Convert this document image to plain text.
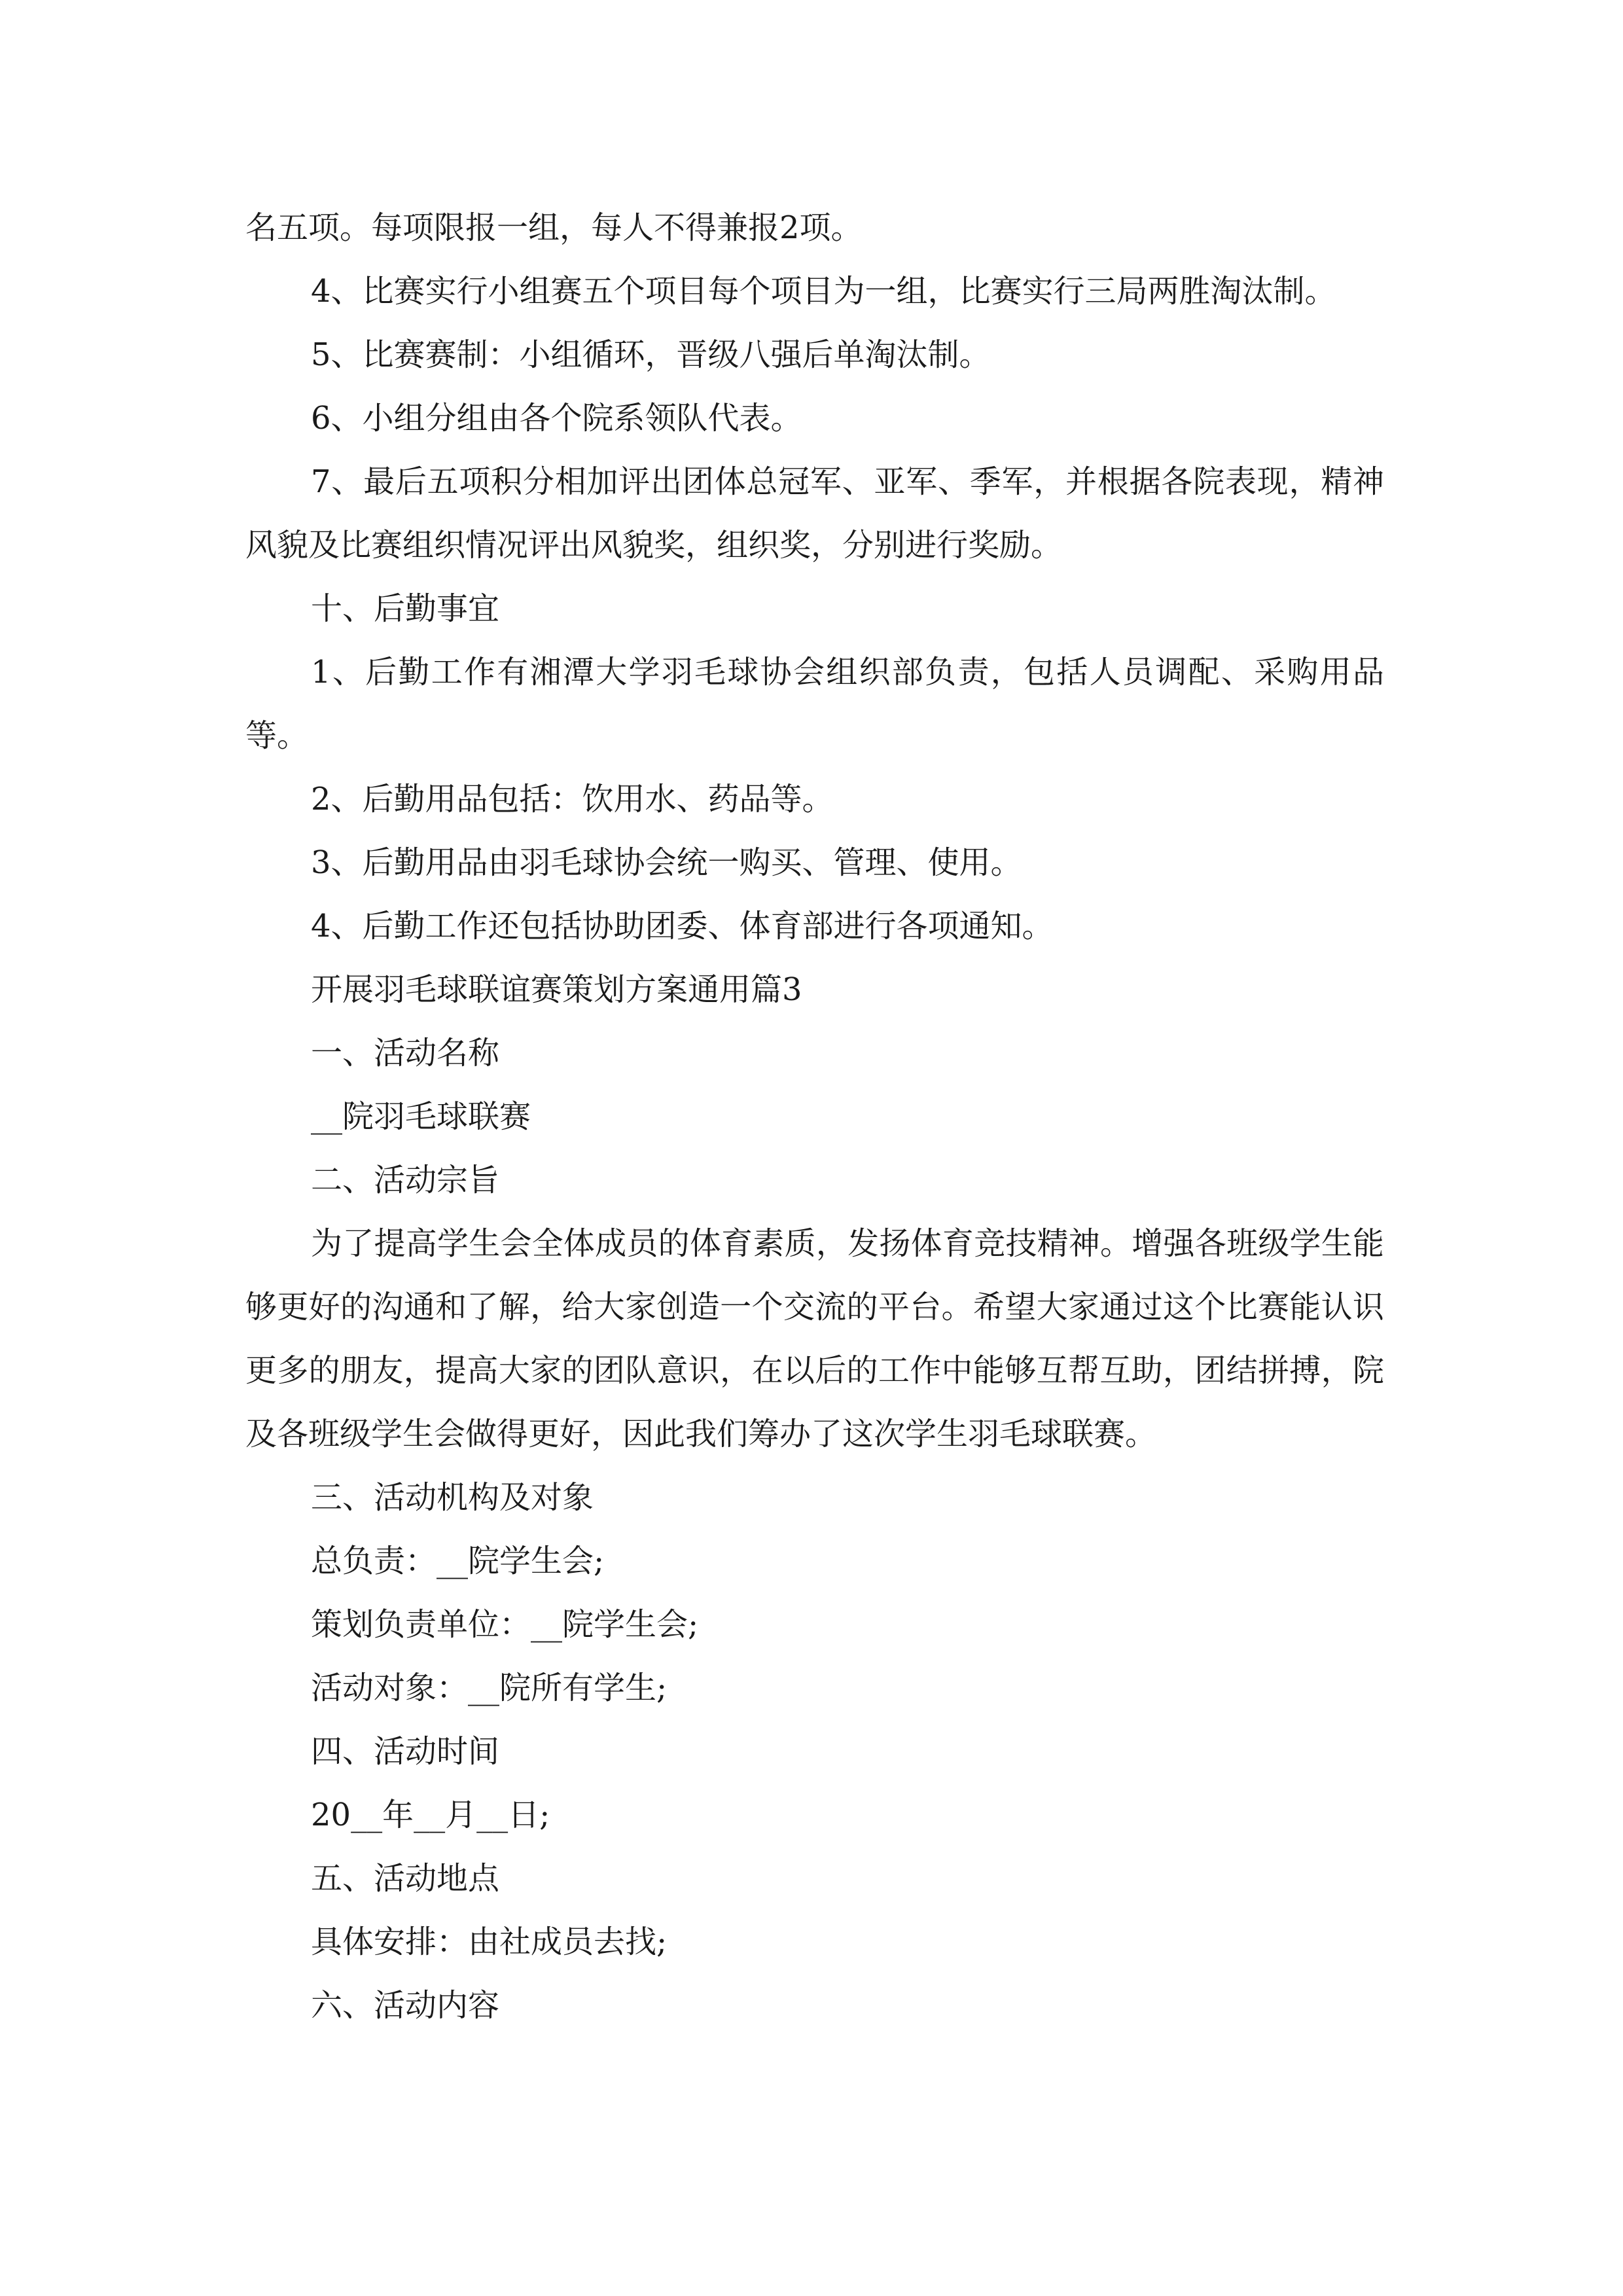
名五项。每项限报一组，每人不得兼报2项。

4、比赛实行小组赛五个项目每个项目为一组，比赛实行三局两胜淘汰制。

5、比赛赛制：小组循环，晋级八强后单淘汰制。

6、小组分组由各个院系领队代表。

7、最后五项积分相加评出团体总冠军、亚军、季军，并根据各院表现，精神风貌及比赛组织情况评出风貌奖，组织奖，分别进行奖励。

十、后勤事宜

1、后勤工作有湘潭大学羽毛球协会组织部负责，包括人员调配、采购用品等。

2、后勤用品包括：饮用水、药品等。

3、后勤用品由羽毛球协会统一购买、管理、使用。

4、后勤工作还包括协助团委、体育部进行各项通知。

开展羽毛球联谊赛策划方案通用篇3

一、活动名称

__院羽毛球联赛

二、活动宗旨

为了提高学生会全体成员的体育素质，发扬体育竞技精神。增强各班级学生能够更好的沟通和了解，给大家创造一个交流的平台。希望大家通过这个比赛能认识更多的朋友，提高大家的团队意识，在以后的工作中能够互帮互助，团结拼搏，院及各班级学生会做得更好，因此我们筹办了这次学生羽毛球联赛。

三、活动机构及对象

总负责：__院学生会;

策划负责单位：__院学生会;

活动对象：__院所有学生;

四、活动时间

20__年__月__日;

五、活动地点

具体安排：由社成员去找;

六、活动内容
